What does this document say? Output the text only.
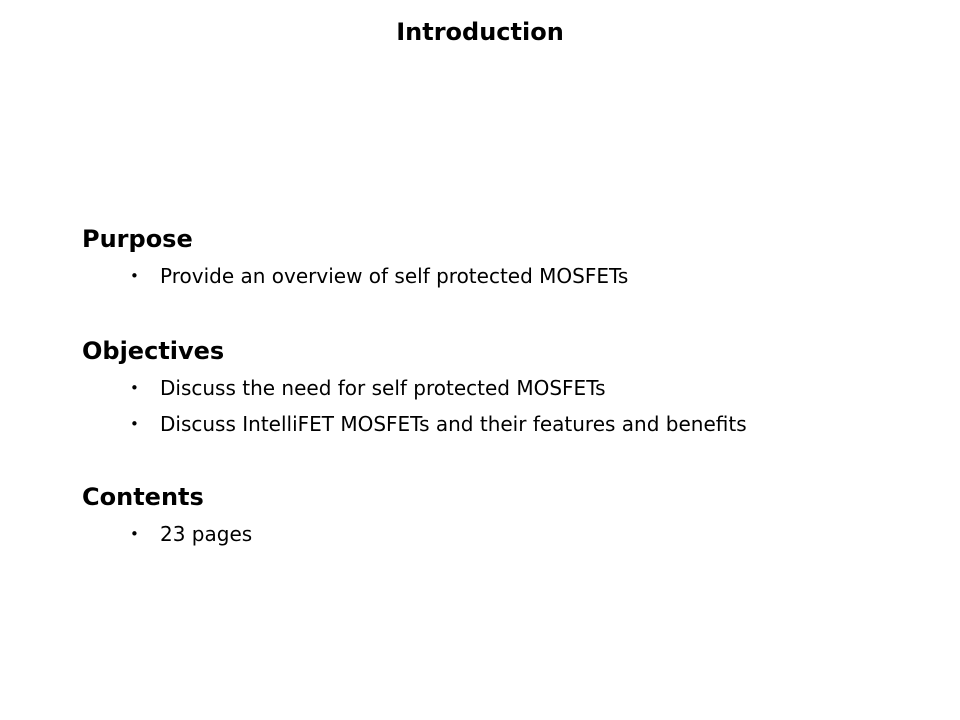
Introduction
Purpose
• Provide an overview of self protected MOSFETs
Objectives
• Discuss the need for self protected MOSFETs
• Discuss IntelliFET MOSFETs and their features and benefits
Contents
• 23 pages
